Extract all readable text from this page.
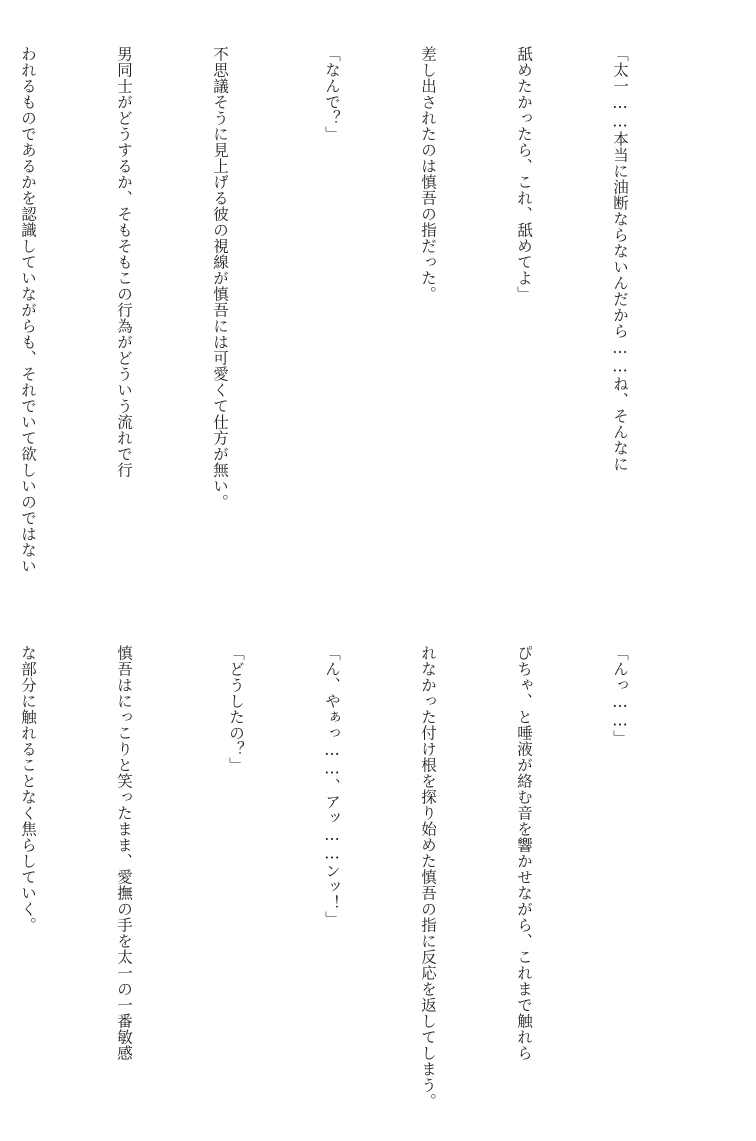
「太一……本当に油断ならないんだから……ね、そんなに

舐めたかったら、これ、舐めてよ」

差し出されたのは慎吾の指だった。

「なんで？」

不思議そうに見上げる彼の視線が慎吾には可愛くて仕方が無い。

男同士がどうするか、そもそもこの行為がどういう流れで行

われるものであるかを認識していながらも、それでいて欲しいのではない

「んっ……」

ぴちゃ、と唾液が絡む音を響かせながら、これまで触れら

れなかった付け根を探り始めた慎吾の指に反応を返してしまう。

「ん、やぁっ……、アッ……ンッ！」

「どうしたの？」

慎吾はにっこりと笑ったまま、愛撫の手を太一の一番敏感

な部分に触れることなく焦らしていく。
